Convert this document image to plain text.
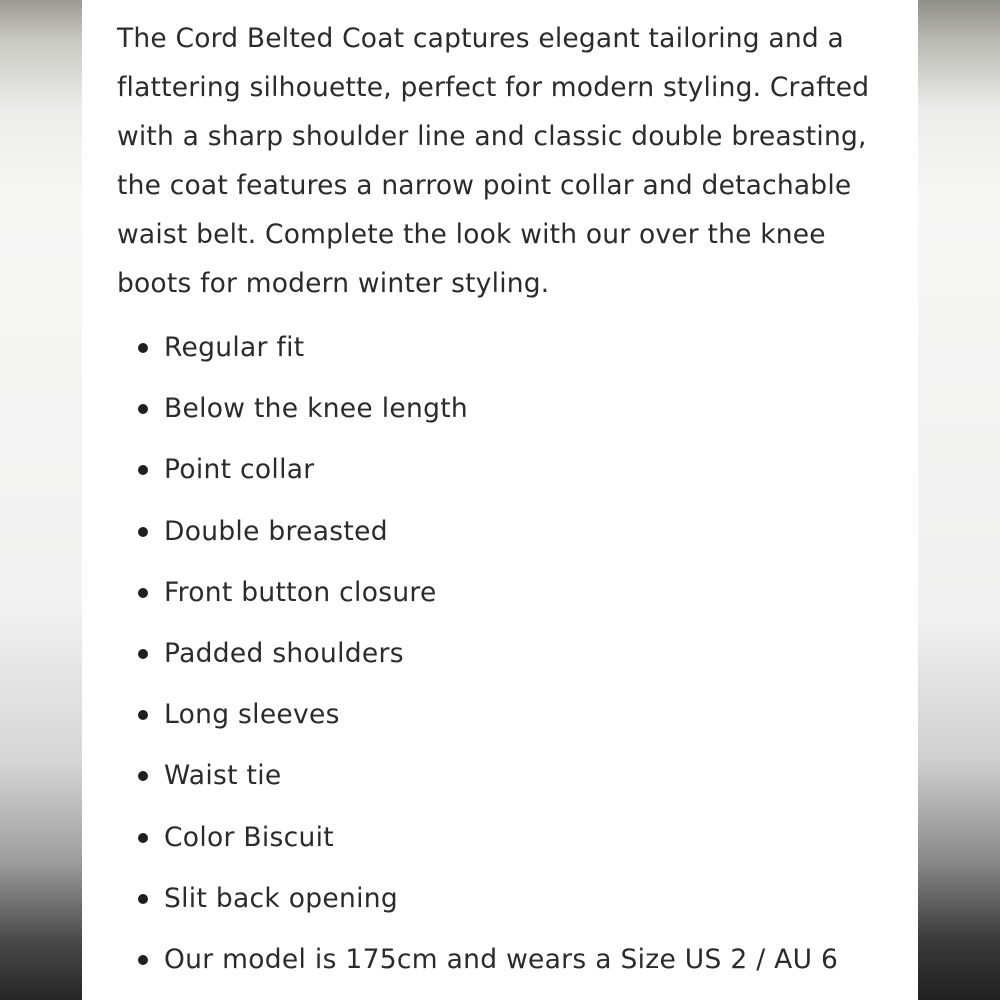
The Cord Belted Coat captures elegant tailoring and a flattering silhouette, perfect for modern styling. Crafted with a sharp shoulder line and classic double breasting, the coat features a narrow point collar and detachable waist belt. Complete the look with our over the knee boots for modern winter styling.

Regular fit
Below the knee length
Point collar
Double breasted
Front button closure
Padded shoulders
Long sleeves
Waist tie
Color Biscuit
Slit back opening
Our model is 175cm and wears a Size US 2 / AU 6
